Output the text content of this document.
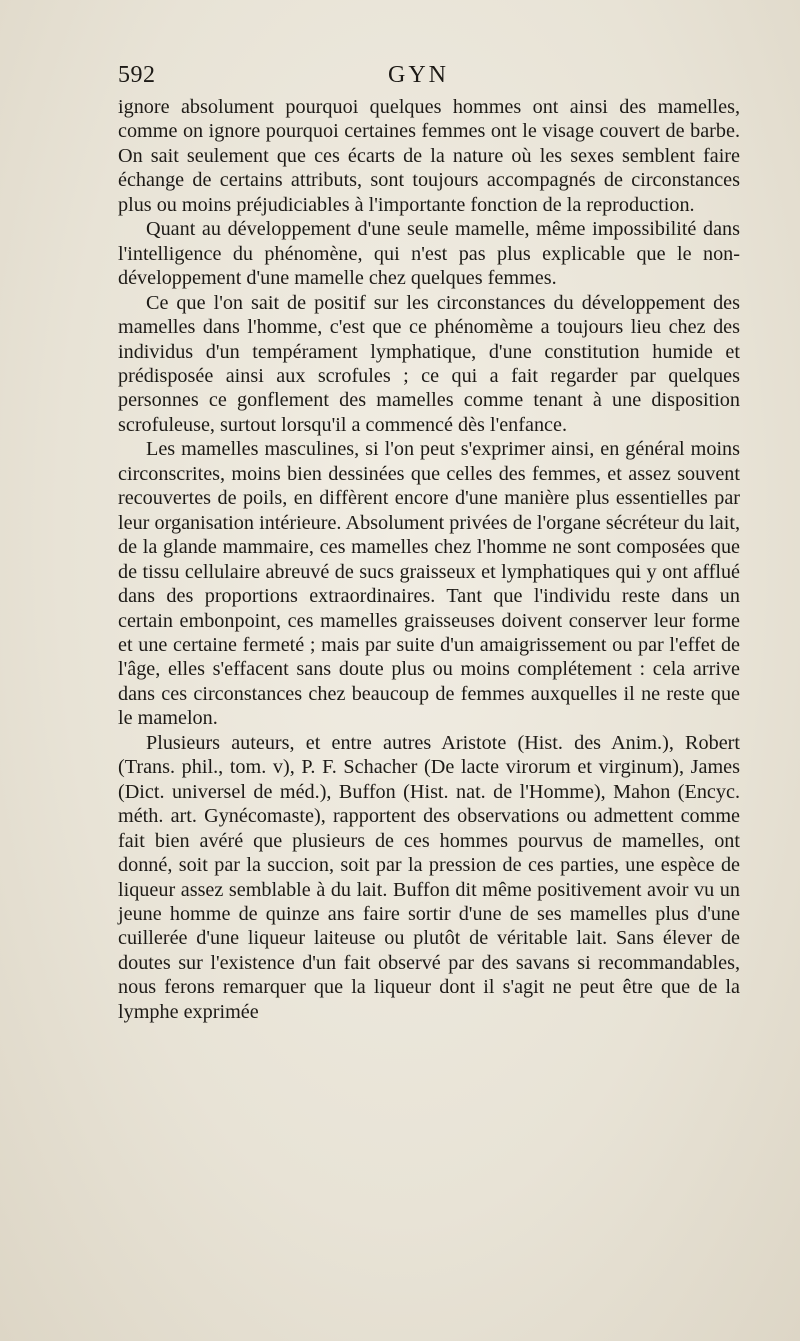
592	GYN

ignore absolument pourquoi quelques hommes ont ainsi des mamelles, comme on ignore pourquoi certaines femmes ont le visage couvert de barbe. On sait seulement que ces écarts de la nature où les sexes semblent faire échange de certains attributs, sont toujours accompagnés de circonstances plus ou moins préjudiciables à l'importante fonction de la reproduction.

Quant au développement d'une seule mamelle, même impossibilité dans l'intelligence du phénomène, qui n'est pas plus explicable que le non-développement d'une mamelle chez quelques femmes.

Ce que l'on sait de positif sur les circonstances du développement des mamelles dans l'homme, c'est que ce phénomème a toujours lieu chez des individus d'un tempérament lymphatique, d'une constitution humide et prédisposée ainsi aux scrofules ; ce qui a fait regarder par quelques personnes ce gonflement des mamelles comme tenant à une disposition scrofuleuse, surtout lorsqu'il a commencé dès l'enfance.

Les mamelles masculines, si l'on peut s'exprimer ainsi, en général moins circonscrites, moins bien dessinées que celles des femmes, et assez souvent recouvertes de poils, en diffèrent encore d'une manière plus essentielles par leur organisation intérieure. Absolument privées de l'organe sécréteur du lait, de la glande mammaire, ces mamelles chez l'homme ne sont composées que de tissu cellulaire abreuvé de sucs graisseux et lymphatiques qui y ont afflué dans des proportions extraordinaires. Tant que l'individu reste dans un certain embonpoint, ces mamelles graisseuses doivent conserver leur forme et une certaine fermeté ; mais par suite d'un amaigrissement ou par l'effet de l'âge, elles s'effacent sans doute plus ou moins complétement : cela arrive dans ces circonstances chez beaucoup de femmes auxquelles il ne reste que le mamelon.

Plusieurs auteurs, et entre autres Aristote (Hist. des Anim.), Robert (Trans. phil., tom. v), P. F. Schacher (De lacte virorum et virginum), James (Dict. universel de méd.), Buffon (Hist. nat. de l'Homme), Mahon (Encyc. méth. art. Gynécomaste), rapportent des observations ou admettent comme fait bien avéré que plusieurs de ces hommes pourvus de mamelles, ont donné, soit par la succion, soit par la pression de ces parties, une espèce de liqueur assez semblable à du lait. Buffon dit même positivement avoir vu un jeune homme de quinze ans faire sortir d'une de ses mamelles plus d'une cuillerée d'une liqueur laiteuse ou plutôt de véritable lait. Sans élever de doutes sur l'existence d'un fait observé par des savans si recommandables, nous ferons remarquer que la liqueur dont il s'agit ne peut être que de la lymphe exprimée
